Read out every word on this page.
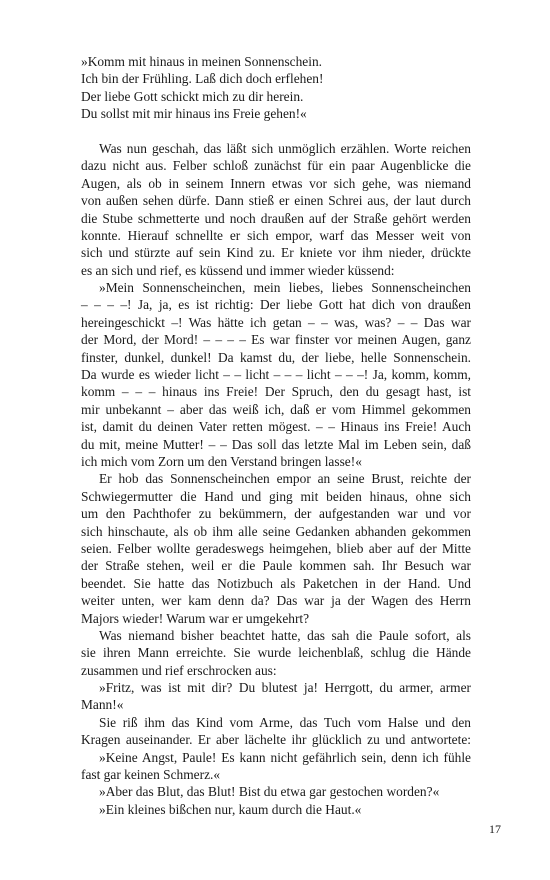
»Komm mit hinaus in meinen Sonnenschein.
Ich bin der Frühling. Laß dich doch erflehen!
Der liebe Gott schickt mich zu dir herein.
Du sollst mit mir hinaus ins Freie gehen!«
Was nun geschah, das läßt sich unmöglich erzählen. Worte reichen
dazu nicht aus. Felber schloß zunächst für ein paar Augenblicke die
Augen, als ob in seinem Innern etwas vor sich gehe, was niemand
von außen sehen dürfe. Dann stieß er einen Schrei aus, der laut durch
die Stube schmetterte und noch draußen auf der Straße gehört werden
konnte. Hierauf schnellte er sich empor, warf das Messer weit von
sich und stürzte auf sein Kind zu. Er kniete vor ihm nieder, drückte
es an sich und rief, es küssend und immer wieder küssend:
»Mein Sonnenscheinchen, mein liebes, liebes Sonnenscheinchen
– – – –! Ja, ja, es ist richtig: Der liebe Gott hat dich von draußen
hereingeschickt –! Was hätte ich getan – – was, was? – – Das war
der Mord, der Mord! – – – – Es war finster vor meinen Augen, ganz
finster, dunkel, dunkel! Da kamst du, der liebe, helle Sonnenschein.
Da wurde es wieder licht – – licht – – – licht – – –! Ja, komm, komm,
komm – – – hinaus ins Freie! Der Spruch, den du gesagt hast, ist
mir unbekannt – aber das weiß ich, daß er vom Himmel gekommen
ist, damit du deinen Vater retten mögest. – – Hinaus ins Freie! Auch
du mit, meine Mutter! – – Das soll das letzte Mal im Leben sein, daß
ich mich vom Zorn um den Verstand bringen lasse!«
Er hob das Sonnenscheinchen empor an seine Brust, reichte der
Schwiegermutter die Hand und ging mit beiden hinaus, ohne sich
um den Pachthofer zu bekümmern, der aufgestanden war und vor
sich hinschaute, als ob ihm alle seine Gedanken abhanden gekommen
seien. Felber wollte geradeswegs heimgehen, blieb aber auf der Mitte
der Straße stehen, weil er die Paule kommen sah. Ihr Besuch war
beendet. Sie hatte das Notizbuch als Paketchen in der Hand. Und
weiter unten, wer kam denn da? Das war ja der Wagen des Herrn
Majors wieder! Warum war er umgekehrt?
Was niemand bisher beachtet hatte, das sah die Paule sofort, als
sie ihren Mann erreichte. Sie wurde leichenblaß, schlug die Hände
zusammen und rief erschrocken aus:
»Fritz, was ist mit dir? Du blutest ja! Herrgott, du armer, armer
Mann!«
Sie riß ihm das Kind vom Arme, das Tuch vom Halse und den
Kragen auseinander. Er aber lächelte ihr glücklich zu und antwortete:
»Keine Angst, Paule! Es kann nicht gefährlich sein, denn ich fühle
fast gar keinen Schmerz.«
»Aber das Blut, das Blut! Bist du etwa gar gestochen worden?«
»Ein kleines bißchen nur, kaum durch die Haut.«
17
